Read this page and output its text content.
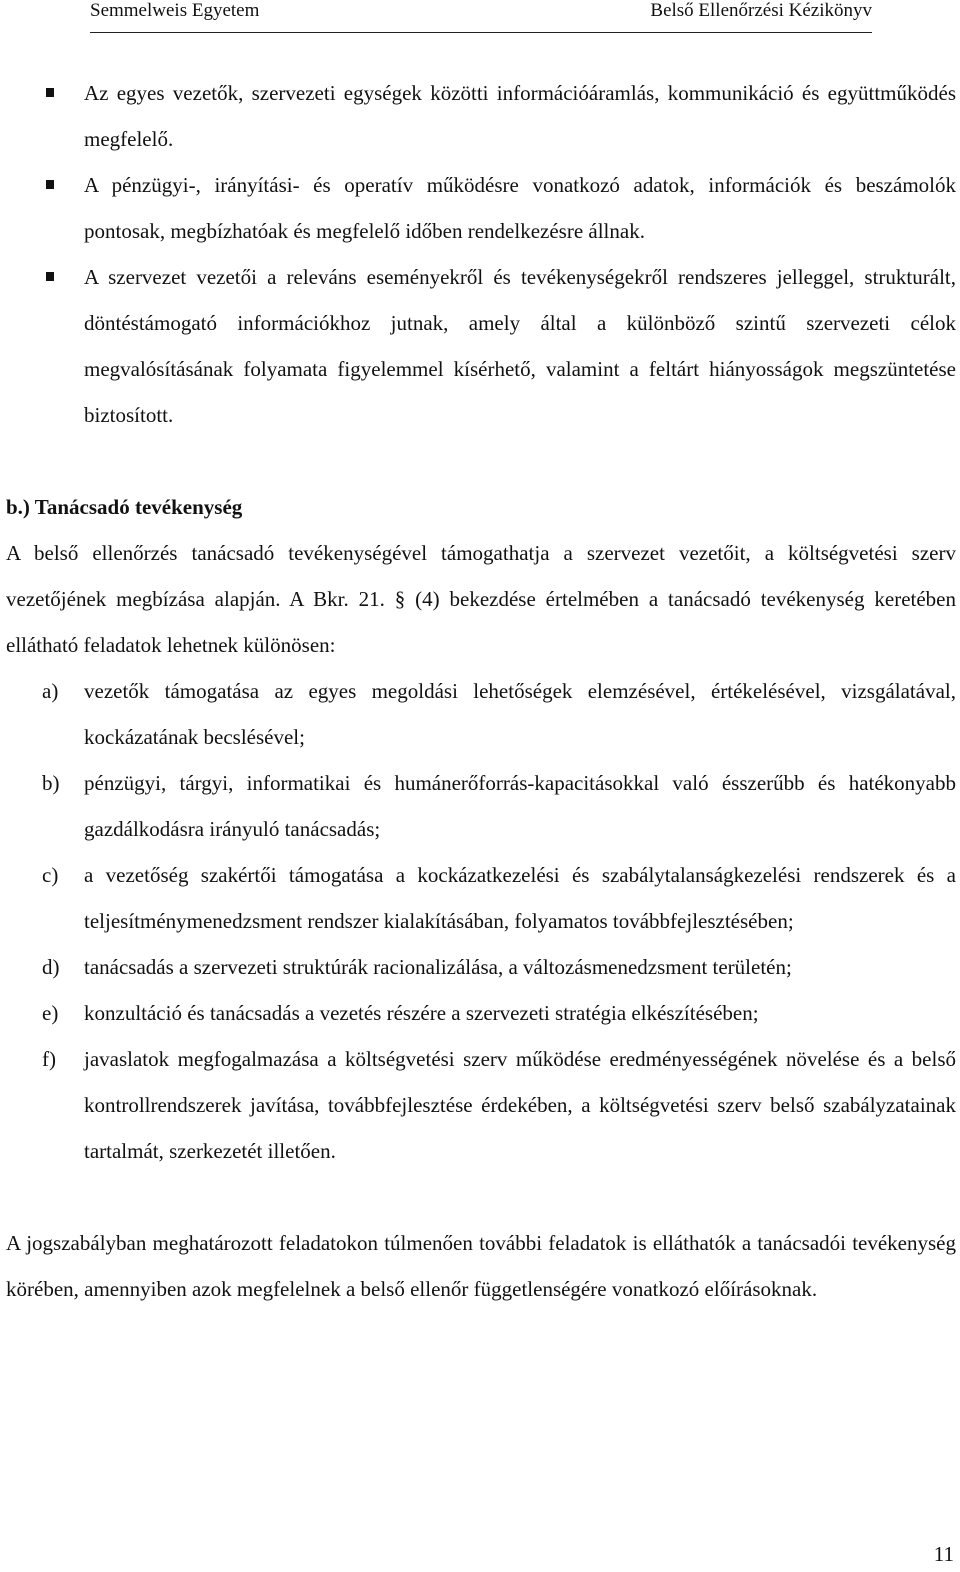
Semmelweis Egyetem	Belső Ellenőrzési Kézikönyv
Az egyes vezetők, szervezeti egységek közötti információáramlás, kommunikáció és együttműködés megfelelő.
A pénzügyi-, irányítási- és operatív működésre vonatkozó adatok, információk és beszámolók pontosak, megbízhatóak és megfelelő időben rendelkezésre állnak.
A szervezet vezetői a releváns eseményekről és tevékenységekről rendszeres jelleggel, strukturált, döntéstámogató információkhoz jutnak, amely által a különböző szintű szervezeti célok megvalósításának folyamata figyelemmel kísérhető, valamint a feltárt hiányosságok megszüntetése biztosított.
b.) Tanácsadó tevékenység

A belső ellenőrzés tanácsadó tevékenységével támogathatja a szervezet vezetőit, a költségvetési szerv vezetőjének megbízása alapján. A Bkr. 21. § (4) bekezdése értelmében a tanácsadó tevékenység keretében ellátható feladatok lehetnek különösen:

a) vezetők támogatása az egyes megoldási lehetőségek elemzésével, értékelésével, vizsgálatával, kockázatának becslésével;
b) pénzügyi, tárgyi, informatikai és humánerőforrás-kapacitásokkal való ésszerűbb és hatékonyabb gazdálkodásra irányuló tanácsadás;
c) a vezetőség szakértői támogatása a kockázatkezelési és szabálytalanságkezelési rendszerek és a teljesítménymenedzsment rendszer kialakításában, folyamatos továbbfejlesztésében;
d) tanácsadás a szervezeti struktúrák racionalizálása, a változásmenedzsment területén;
e) konzultáció és tanácsadás a vezetés részére a szervezeti stratégia elkészítésében;
f) javaslatok megfogalmazása a költségvetési szerv működése eredményességének növelése és a belső kontrollrendszerek javítása, továbbfejlesztése érdekében, a költségvetési szerv belső szabályzatainak tartalmát, szerkezetét illetően.

A jogszabályban meghatározott feladatokon túlmenően további feladatok is elláthatók a tanácsadói tevékenység körében, amennyiben azok megfelelnek a belső ellenőr függetlenségére vonatkozó előírásoknak.

11
